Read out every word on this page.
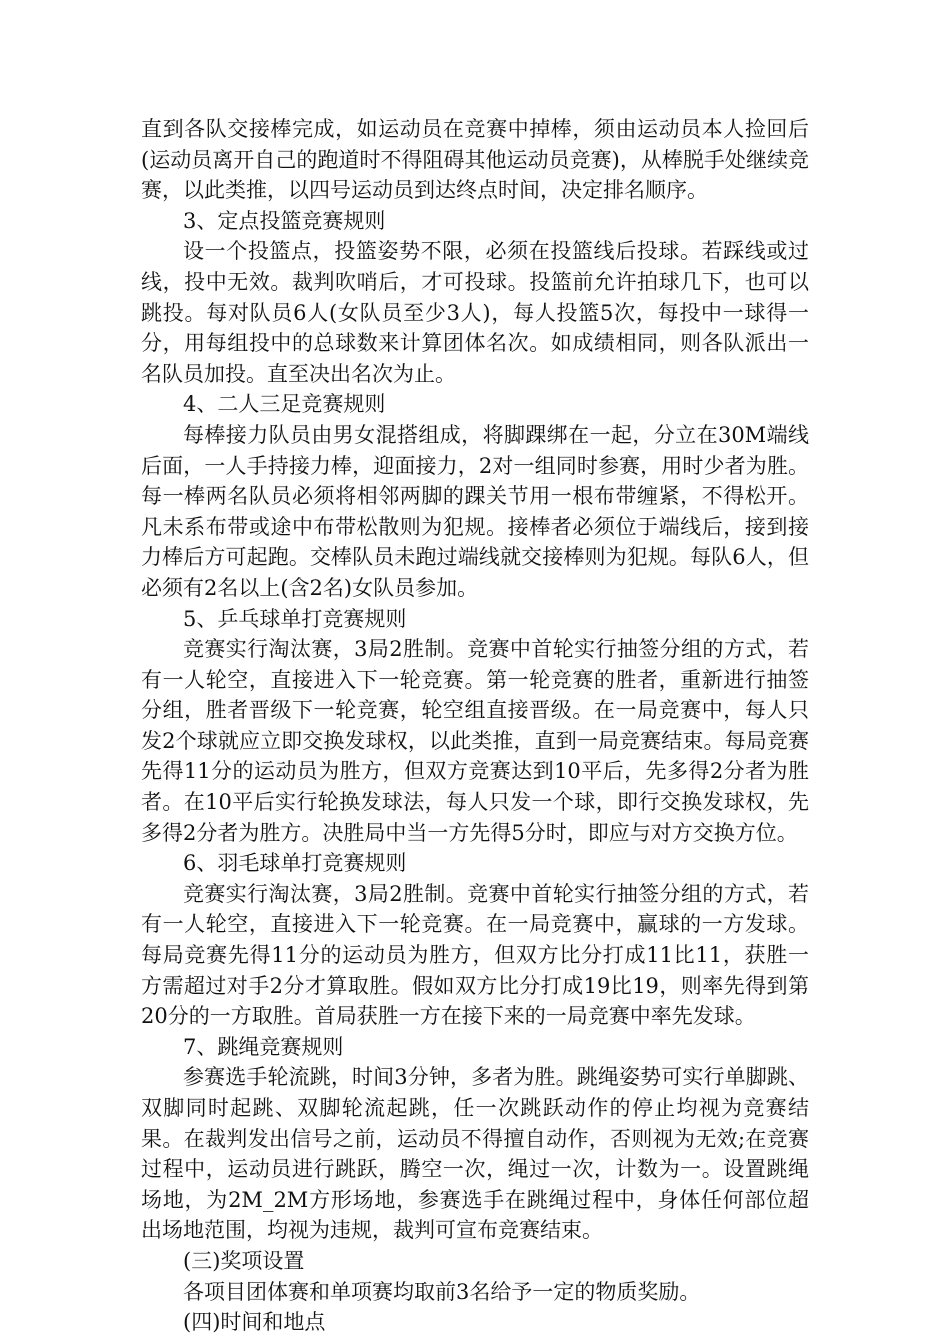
直到各队交接棒完成，如运动员在竞赛中掉棒，须由运动员本人捡回后(运动员离开自己的跑道时不得阻碍其他运动员竞赛)，从棒脱手处继续竞赛，以此类推，以四号运动员到达终点时间，决定排名顺序。

3、定点投篮竞赛规则

设一个投篮点，投篮姿势不限，必须在投篮线后投球。若踩线或过线，投中无效。裁判吹哨后，才可投球。投篮前允许拍球几下，也可以跳投。每对队员6人(女队员至少3人)，每人投篮5次，每投中一球得一分，用每组投中的总球数来计算团体名次。如成绩相同，则各队派出一名队员加投。直至决出名次为止。

4、二人三足竞赛规则

每棒接力队员由男女混搭组成，将脚踝绑在一起，分立在30M端线后面，一人手持接力棒，迎面接力，2对一组同时参赛，用时少者为胜。每一棒两名队员必须将相邻两脚的踝关节用一根布带缠紧，不得松开。凡未系布带或途中布带松散则为犯规。接棒者必须位于端线后，接到接力棒后方可起跑。交棒队员未跑过端线就交接棒则为犯规。每队6人，但必须有2名以上(含2名)女队员参加。

5、乒乓球单打竞赛规则

竞赛实行淘汰赛，3局2胜制。竞赛中首轮实行抽签分组的方式，若有一人轮空，直接进入下一轮竞赛。第一轮竞赛的胜者，重新进行抽签分组，胜者晋级下一轮竞赛，轮空组直接晋级。在一局竞赛中，每人只发2个球就应立即交换发球权，以此类推，直到一局竞赛结束。每局竞赛先得11分的运动员为胜方，但双方竞赛达到10平后，先多得2分者为胜者。在10平后实行轮换发球法，每人只发一个球，即行交换发球权，先多得2分者为胜方。决胜局中当一方先得5分时，即应与对方交换方位。

6、羽毛球单打竞赛规则

竞赛实行淘汰赛，3局2胜制。竞赛中首轮实行抽签分组的方式，若有一人轮空，直接进入下一轮竞赛。在一局竞赛中，赢球的一方发球。每局竞赛先得11分的运动员为胜方，但双方比分打成11比11，获胜一方需超过对手2分才算取胜。假如双方比分打成19比19，则率先得到第20分的一方取胜。首局获胜一方在接下来的一局竞赛中率先发球。

7、跳绳竞赛规则

参赛选手轮流跳，时间3分钟，多者为胜。跳绳姿势可实行单脚跳、双脚同时起跳、双脚轮流起跳，任一次跳跃动作的停止均视为竞赛结果。在裁判发出信号之前，运动员不得擅自动作，否则视为无效;在竞赛过程中，运动员进行跳跃，腾空一次，绳过一次，计数为一。设置跳绳场地，为2M_2M方形场地，参赛选手在跳绳过程中，身体任何部位超出场地范围，均视为违规，裁判可宣布竞赛结束。

(三)奖项设置

各项目团体赛和单项赛均取前3名给予一定的物质奖励。

(四)时间和地点
